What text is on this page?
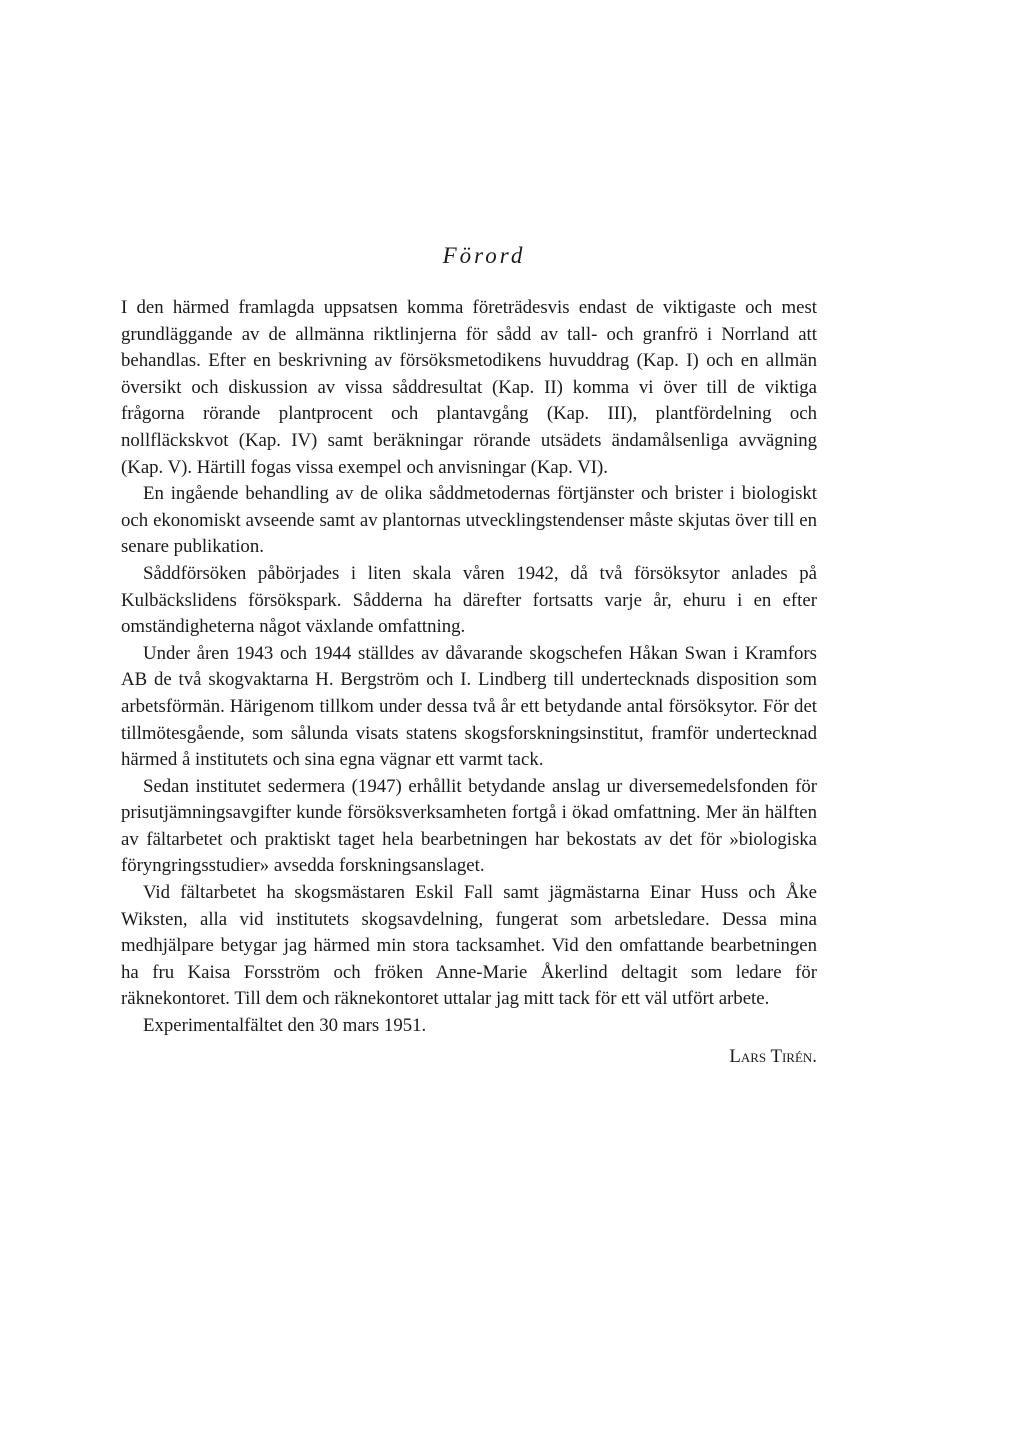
Förord

I den härmed framlagda uppsatsen komma företrädesvis endast de viktigaste och mest grundläggande av de allmänna riktlinjerna för sådd av tall- och granfrö i Norrland att behandlas. Efter en beskrivning av försöksmetodikens huvuddrag (Kap. I) och en allmän översikt och diskussion av vissa såddresultat (Kap. II) komma vi över till de viktiga frågorna rörande plantprocent och plantavgång (Kap. III), plantfördelning och nollfläckskvot (Kap. IV) samt beräkningar rörande utsädets ändamålsenliga avvägning (Kap. V). Härtill fogas vissa exempel och anvisningar (Kap. VI).

En ingående behandling av de olika såddmetodernas förtjänster och brister i biologiskt och ekonomiskt avseende samt av plantornas utvecklingstendenser måste skjutas över till en senare publikation.

Såddförsöken påbörjades i liten skala våren 1942, då två försöksytor anlades på Kulbäckslidens försökspark. Sådderna ha därefter fortsatts varje år, ehuru i en efter omständigheterna något växlande omfattning.

Under åren 1943 och 1944 ställdes av dåvarande skogschefen Håkan Swan i Kramfors AB de två skogvaktarna H. Bergström och I. Lindberg till undertecknads disposition som arbetsförmän. Härigenom tillkom under dessa två år ett betydande antal försöksytor. För det tillmötesgående, som sålunda visats statens skogsforskningsinstitut, framför undertecknad härmed å institutets och sina egna vägnar ett varmt tack.

Sedan institutet sedermera (1947) erhållit betydande anslag ur diversemedelsfonden för prisutjämningsavgifter kunde försöksverksamheten fortgå i ökad omfattning. Mer än hälften av fältarbetet och praktiskt taget hela bearbetningen har bekostats av det för »biologiska föryngringsstudier» avsedda forskningsanslaget.

Vid fältarbetet ha skogsmästaren Eskil Fall samt jägmästarna Einar Huss och Åke Wiksten, alla vid institutets skogsavdelning, fungerat som arbetsledare. Dessa mina medhjälpare betygar jag härmed min stora tacksamhet. Vid den omfattande bearbetningen ha fru Kaisa Forsström och fröken Anne-Marie Åkerlind deltagit som ledare för räknekontoret. Till dem och räknekontoret uttalar jag mitt tack för ett väl utfört arbete.

Experimentalfältet den 30 mars 1951.

Lars Tirén.
